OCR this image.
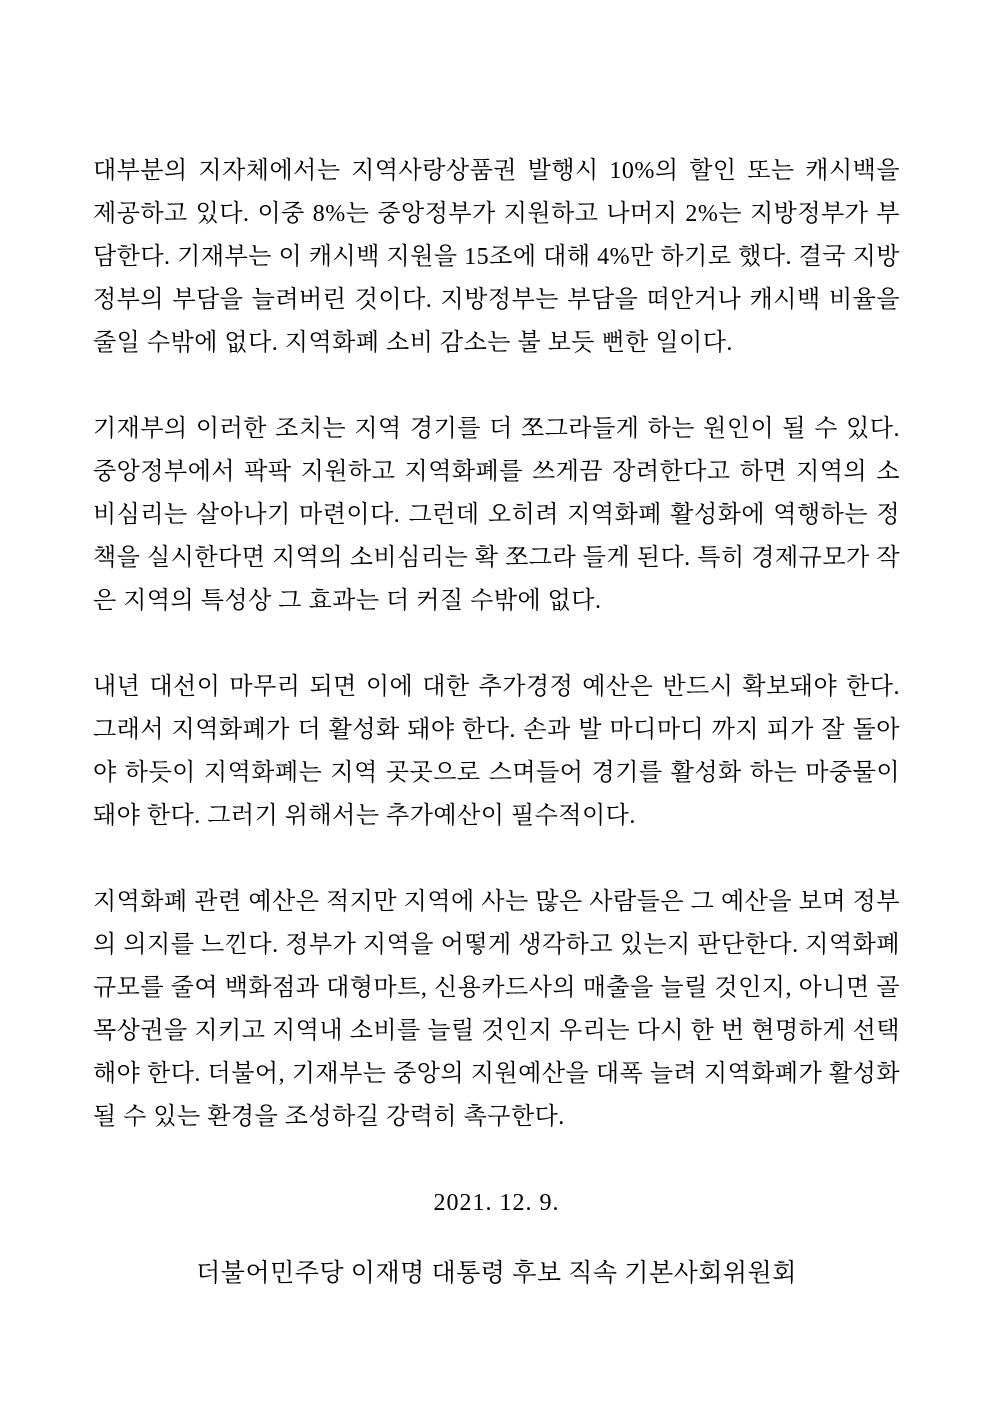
대부분의 지자체에서는 지역사랑상품권 발행시 10%의 할인 또는 캐시백을 제공하고 있다. 이중 8%는 중앙정부가 지원하고 나머지 2%는 지방정부가 부담한다. 기재부는 이 캐시백 지원을 15조에 대해 4%만 하기로 했다. 결국 지방정부의 부담을 늘려버린 것이다. 지방정부는 부담을 떠안거나 캐시백 비율을 줄일 수밖에 없다. 지역화폐 소비 감소는 불 보듯 뻔한 일이다.

기재부의 이러한 조치는 지역 경기를 더 쪼그라들게 하는 원인이 될 수 있다. 중앙정부에서 팍팍 지원하고 지역화폐를 쓰게끔 장려한다고 하면 지역의 소비심리는 살아나기 마련이다. 그런데 오히려 지역화폐 활성화에 역행하는 정책을 실시한다면 지역의 소비심리는 확 쪼그라 들게 된다. 특히 경제규모가 작은 지역의 특성상 그 효과는 더 커질 수밖에 없다.

내년 대선이 마무리 되면 이에 대한 추가경정 예산은 반드시 확보돼야 한다. 그래서 지역화폐가 더 활성화 돼야 한다. 손과 발 마디마디 까지 피가 잘 돌아야 하듯이 지역화폐는 지역 곳곳으로 스며들어 경기를 활성화 하는 마중물이 돼야 한다. 그러기 위해서는 추가예산이 필수적이다.

지역화폐 관련 예산은 적지만 지역에 사는 많은 사람들은 그 예산을 보며 정부의 의지를 느낀다. 정부가 지역을 어떻게 생각하고 있는지 판단한다. 지역화폐규모를 줄여 백화점과 대형마트, 신용카드사의 매출을 늘릴 것인지, 아니면 골목상권을 지키고 지역내 소비를 늘릴 것인지 우리는 다시 한 번 현명하게 선택해야 한다. 더불어, 기재부는 중앙의 지원예산을 대폭 늘려 지역화폐가 활성화 될 수 있는 환경을 조성하길 강력히 촉구한다.

2021. 12. 9.

더불어민주당 이재명 대통령 후보 직속 기본사회위원회
